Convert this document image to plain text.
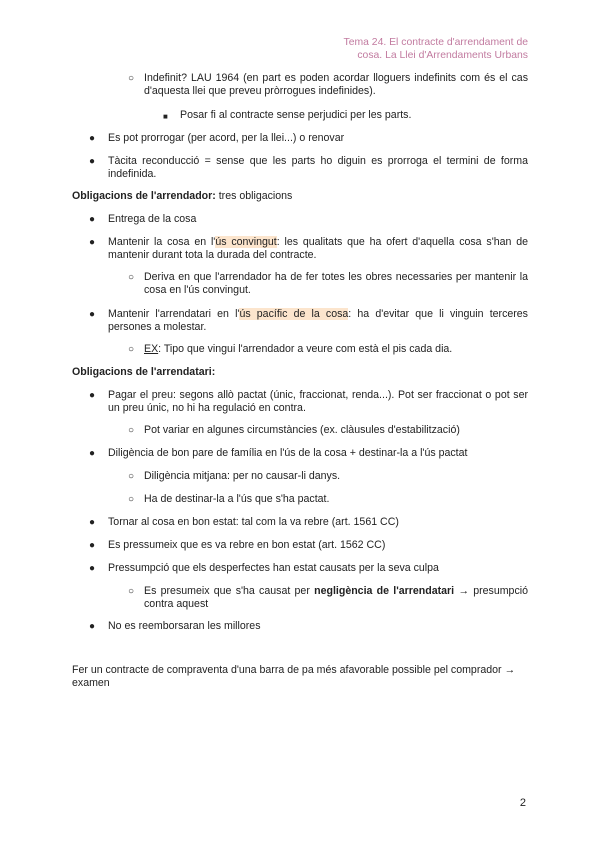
Tema 24. El contracte d'arrendament de
cosa. La Llei d'Arrendaments Urbans
○ Indefinit? LAU 1964 (en part es poden acordar lloguers indefinits com és el cas d'aquesta llei que preveu pròrrogues indefinides).
■ Posar fi al contracte sense perjudici per les parts.
● Es pot prorrogar (per acord, per la llei...) o renovar
● Tàcita reconducció = sense que les parts ho diguin es prorroga el termini de forma indefinida.
Obligacions de l'arrendador: tres obligacions
● Entrega de la cosa
● Mantenir la cosa en l'ús convingut: les qualitats que ha ofert d'aquella cosa s'han de mantenir durant tota la durada del contracte.
○ Deriva en que l'arrendador ha de fer totes les obres necessaries per mantenir la cosa en l'ús convingut.
● Mantenir l'arrendatari en l'ús pacífic de la cosa: ha d'evitar que li vinguin terceres persones a molestar.
○ EX: Tipo que vingui l'arrendador a veure com està el pis cada dia.
Obligacions de l'arrendatari:
● Pagar el preu: segons allò pactat (únic, fraccionat, renda...). Pot ser fraccionat o pot ser un preu únic, no hi ha regulació en contra.
○ Pot variar en algunes circumstàncies (ex. clàusules d'estabilització)
● Diligència de bon pare de família en l'ús de la cosa + destinar-la a l'ús pactat
○ Diligència mitjana: per no causar-li danys.
○ Ha de destinar-la a l'ús que s'ha pactat.
● Tornar al cosa en bon estat: tal com la va rebre (art. 1561 CC)
● Es pressumeix que es va rebre en bon estat (art. 1562 CC)
● Pressumpció que els desperfectes han estat causats per la seva culpa
○ Es presumeix que s'ha causat per negligència de l'arrendatari → presumpció contra aquest
● No es reemborsaran les millores
Fer un contracte de compraventa d'una barra de pa més afavorable possible pel comprador → examen
2
